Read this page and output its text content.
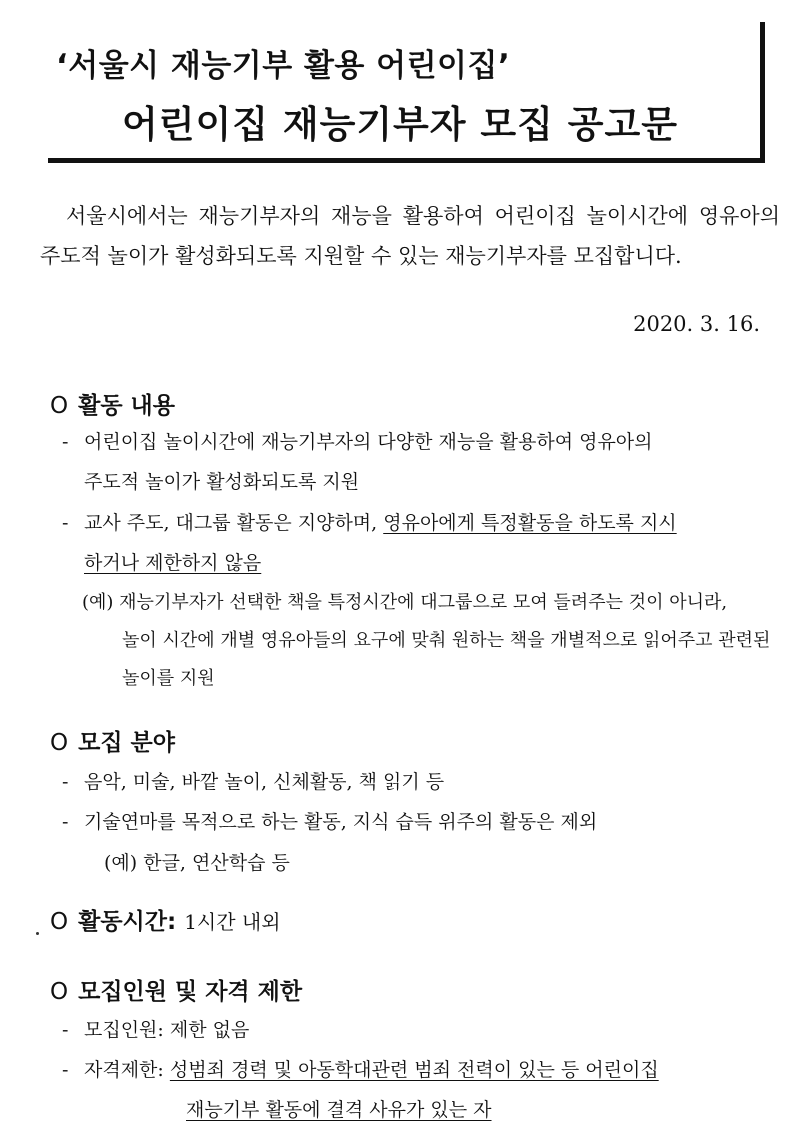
‘서울시 재능기부 활용 어린이집’
어린이집 재능기부자 모집 공고문
서울시에서는 재능기부자의 재능을 활용하여 어린이집 놀이시간에 영유아의 주도적 놀이가 활성화되도록 지원할 수 있는 재능기부자를 모집합니다.
2020. 3. 16.
O 활동 내용
- 어린이집 놀이시간에 재능기부자의 다양한 재능을 활용하여 영유아의
주도적 놀이가 활성화되도록 지원
- 교사 주도, 대그룹 활동은 지양하며, 영유아에게 특정활동을 하도록 지시
하거나 제한하지 않음
(예) 재능기부자가 선택한 책을 특정시간에 대그룹으로 모여 들려주는 것이 아니라,
놀이 시간에 개별 영유아들의 요구에 맞춰 원하는 책을 개별적으로 읽어주고 관련된
놀이를 지원
O 모집 분야
- 음악, 미술, 바깥 놀이, 신체활동, 책 읽기 등
- 기술연마를 목적으로 하는 활동, 지식 습득 위주의 활동은 제외
(예) 한글, 연산학습 등
O 활동시간: 1시간 내외
O 모집인원 및 자격 제한
- 모집인원: 제한 없음
- 자격제한: 성범죄 경력 및 아동학대관련 범죄 전력이 있는 등 어린이집
재능기부 활동에 결격 사유가 있는 자
